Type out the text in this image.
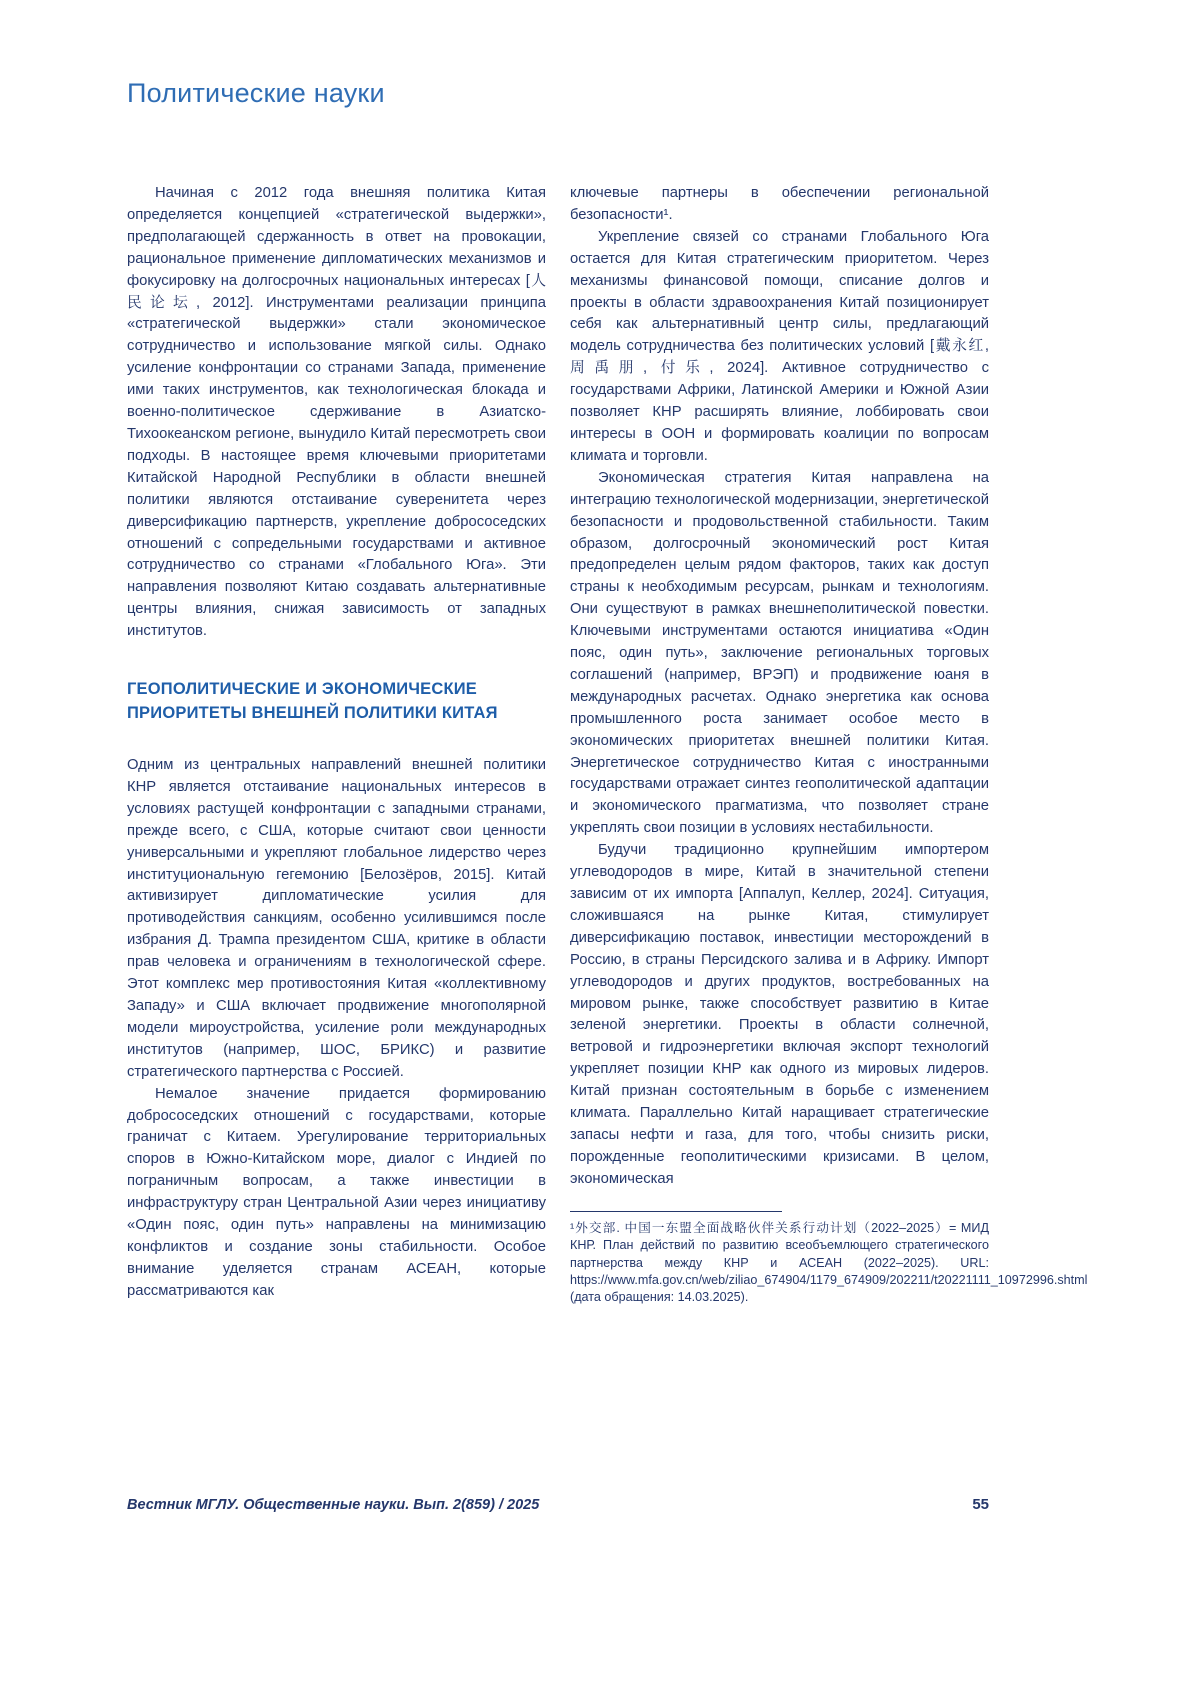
Политические науки

Начиная с 2012 года внешняя политика Китая определяется концепцией «стратегической выдержки», предполагающей сдержанность в ответ на провокации, рациональное применение дипломатических механизмов и фокусировку на долгосрочных национальных интересах [人民论坛, 2012]. Инструментами реализации принципа «стратегической выдержки» стали экономическое сотрудничество и использование мягкой силы. Однако усиление конфронтации со странами Запада, применение ими таких инструментов, как технологическая блокада и военно-политическое сдерживание в Азиатско-Тихоокеанском регионе, вынудило Китай пересмотреть свои подходы. В настоящее время ключевыми приоритетами Китайской Народной Республики в области внешней политики являются отстаивание суверенитета через диверсификацию партнерств, укрепление добрососедских отношений с сопредельными государствами и активное сотрудничество со странами «Глобального Юга». Эти направления позволяют Китаю создавать альтернативные центры влияния, снижая зависимость от западных институтов.

ГЕОПОЛИТИЧЕСКИЕ И ЭКОНОМИЧЕСКИЕ ПРИОРИТЕТЫ ВНЕШНЕЙ ПОЛИТИКИ КИТАЯ

Одним из центральных направлений внешней политики КНР является отстаивание национальных интересов в условиях растущей конфронтации с западными странами, прежде всего, с США, которые считают свои ценности универсальными и укрепляют глобальное лидерство через институциональную гегемонию [Белозёров, 2015]. Китай активизирует дипломатические усилия для противодействия санкциям, особенно усилившимся после избрания Д. Трампа президентом США, критике в области прав человека и ограничениям в технологической сфере. Этот комплекс мер противостояния Китая «коллективному Западу» и США включает продвижение многополярной модели мироустройства, усиление роли международных институтов (например, ШОС, БРИКС) и развитие стратегического партнерства с Россией.

Немалое значение придается формированию добрососедских отношений с государствами, которые граничат с Китаем. Урегулирование территориальных споров в Южно-Китайском море, диалог с Индией по пограничным вопросам, а также инвестиции в инфраструктуру стран Центральной Азии через инициативу «Один пояс, один путь» направлены на минимизацию конфликтов и создание зоны стабильности. Особое внимание уделяется странам АСЕАН, которые рассматриваются как

ключевые партнеры в обеспечении региональной безопасности¹.

Укрепление связей со странами Глобального Юга остается для Китая стратегическим приоритетом. Через механизмы финансовой помощи, списание долгов и проекты в области здравоохранения Китай позиционирует себя как альтернативный центр силы, предлагающий модель сотрудничества без политических условий [戴永红, 周禹朋, 付乐, 2024]. Активное сотрудничество с государствами Африки, Латинской Америки и Южной Азии позволяет КНР расширять влияние, лоббировать свои интересы в ООН и формировать коалиции по вопросам климата и торговли.

Экономическая стратегия Китая направлена на интеграцию технологической модернизации, энергетической безопасности и продовольственной стабильности. Таким образом, долгосрочный экономический рост Китая предопределен целым рядом факторов, таких как доступ страны к необходимым ресурсам, рынкам и технологиям. Они существуют в рамках внешнеполитической повестки. Ключевыми инструментами остаются инициатива «Один пояс, один путь», заключение региональных торговых соглашений (например, ВРЭП) и продвижение юаня в международных расчетах. Однако энергетика как основа промышленного роста занимает особое место в экономических приоритетах внешней политики Китая. Энергетическое сотрудничество Китая с иностранными государствами отражает синтез геополитической адаптации и экономического прагматизма, что позволяет стране укреплять свои позиции в условиях нестабильности.

Будучи традиционно крупнейшим импортером углеводородов в мире, Китай в значительной степени зависим от их импорта [Аппалуп, Келлер, 2024]. Ситуация, сложившаяся на рынке Китая, стимулирует диверсификацию поставок, инвестиции месторождений в Россию, в страны Персидского залива и в Африку. Импорт углеводородов и других продуктов, востребованных на мировом рынке, также способствует развитию в Китае зеленой энергетики. Проекты в области солнечной, ветровой и гидроэнергетики включая экспорт технологий укрепляет позиции КНР как одного из мировых лидеров. Китай признан состоятельным в борьбе с изменением климата. Параллельно Китай наращивает стратегические запасы нефти и газа, для того, чтобы снизить риски, порожденные геополитическими кризисами. В целом, экономическая

¹外交部. 中国一东盟全面战略伙伴关系行动计划（2022–2025）= МИД КНР. План действий по развитию всеобъемлющего стратегического партнерства между КНР и АСЕАН (2022–2025). URL: https://www.mfa.gov.cn/web/ziliao_674904/1179_674909/202211/t20221111_10972996.shtml (дата обращения: 14.03.2025).

Вестник МГЛУ. Общественные науки. Вып. 2(859) / 2025	55
